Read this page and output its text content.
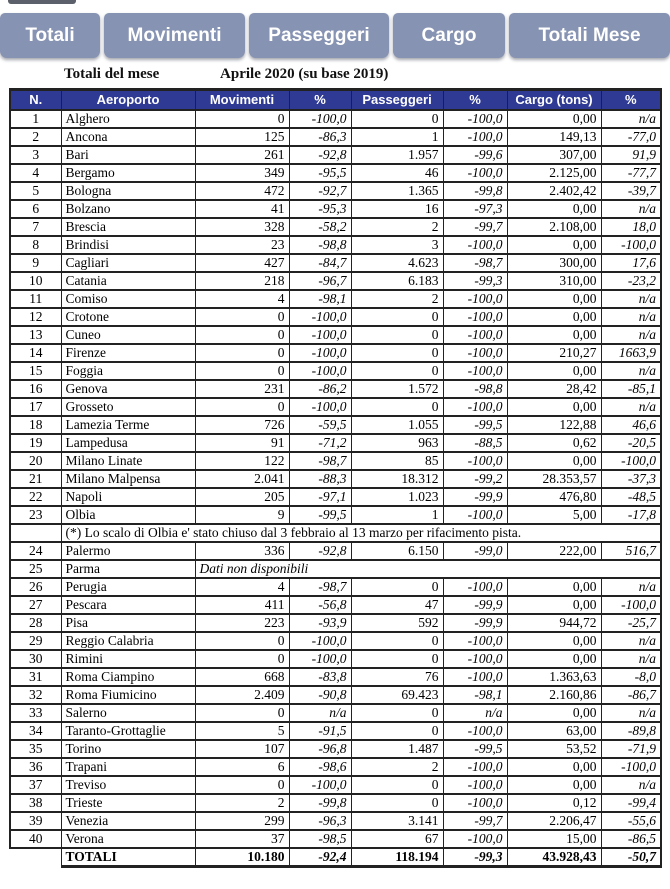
Totali	Movimenti	Passeggeri	Cargo	Totali Mese
Totali del mese	Aprile 2020 (su base 2019)
N.	Aeroporto	Movimenti	%	Passeggeri	%	Cargo (tons)	%
1	Alghero	0	-100,0	0	-100,0	0,00	n/a
2	Ancona	125	-86,3	1	-100,0	149,13	-77,0
3	Bari	261	-92,8	1.957	-99,6	307,00	91,9
4	Bergamo	349	-95,5	46	-100,0	2.125,00	-77,7
5	Bologna	472	-92,7	1.365	-99,8	2.402,42	-39,7
6	Bolzano	41	-95,3	16	-97,3	0,00	n/a
7	Brescia	328	-58,2	2	-99,7	2.108,00	18,0
8	Brindisi	23	-98,8	3	-100,0	0,00	-100,0
9	Cagliari	427	-84,7	4.623	-98,7	300,00	17,6
10	Catania	218	-96,7	6.183	-99,3	310,00	-23,2
11	Comiso	4	-98,1	2	-100,0	0,00	n/a
12	Crotone	0	-100,0	0	-100,0	0,00	n/a
13	Cuneo	0	-100,0	0	-100,0	0,00	n/a
14	Firenze	0	-100,0	0	-100,0	210,27	1663,9
15	Foggia	0	-100,0	0	-100,0	0,00	n/a
16	Genova	231	-86,2	1.572	-98,8	28,42	-85,1
17	Grosseto	0	-100,0	0	-100,0	0,00	n/a
18	Lamezia Terme	726	-59,5	1.055	-99,5	122,88	46,6
19	Lampedusa	91	-71,2	963	-88,5	0,62	-20,5
20	Milano Linate	122	-98,7	85	-100,0	0,00	-100,0
21	Milano Malpensa	2.041	-88,3	18.312	-99,2	28.353,57	-37,3
22	Napoli	205	-97,1	1.023	-99,9	476,80	-48,5
23	Olbia	9	-99,5	1	-100,0	5,00	-17,8
	(*) Lo scalo di Olbia e' stato chiuso dal 3 febbraio al 13 marzo per rifacimento pista.						
24	Palermo	336	-92,8	6.150	-99,0	222,00	516,7
25	Parma	Dati non disponibili					
26	Perugia	4	-98,7	0	-100,0	0,00	n/a
27	Pescara	411	-56,8	47	-99,9	0,00	-100,0
28	Pisa	223	-93,9	592	-99,9	944,72	-25,7
29	Reggio Calabria	0	-100,0	0	-100,0	0,00	n/a
30	Rimini	0	-100,0	0	-100,0	0,00	n/a
31	Roma Ciampino	668	-83,8	76	-100,0	1.363,63	-8,0
32	Roma Fiumicino	2.409	-90,8	69.423	-98,1	2.160,86	-86,7
33	Salerno	0	n/a	0	n/a	0,00	n/a
34	Taranto-Grottaglie	5	-91,5	0	-100,0	63,00	-89,8
35	Torino	107	-96,8	1.487	-99,5	53,52	-71,9
36	Trapani	6	-98,6	2	-100,0	0,00	-100,0
37	Treviso	0	-100,0	0	-100,0	0,00	n/a
38	Trieste	2	-99,8	0	-100,0	0,12	-99,4
39	Venezia	299	-96,3	3.141	-99,7	2.206,47	-55,6
40	Verona	37	-98,5	67	-100,0	15,00	-86,5
	TOTALI	10.180	-92,4	118.194	-99,3	43.928,43	-50,7
